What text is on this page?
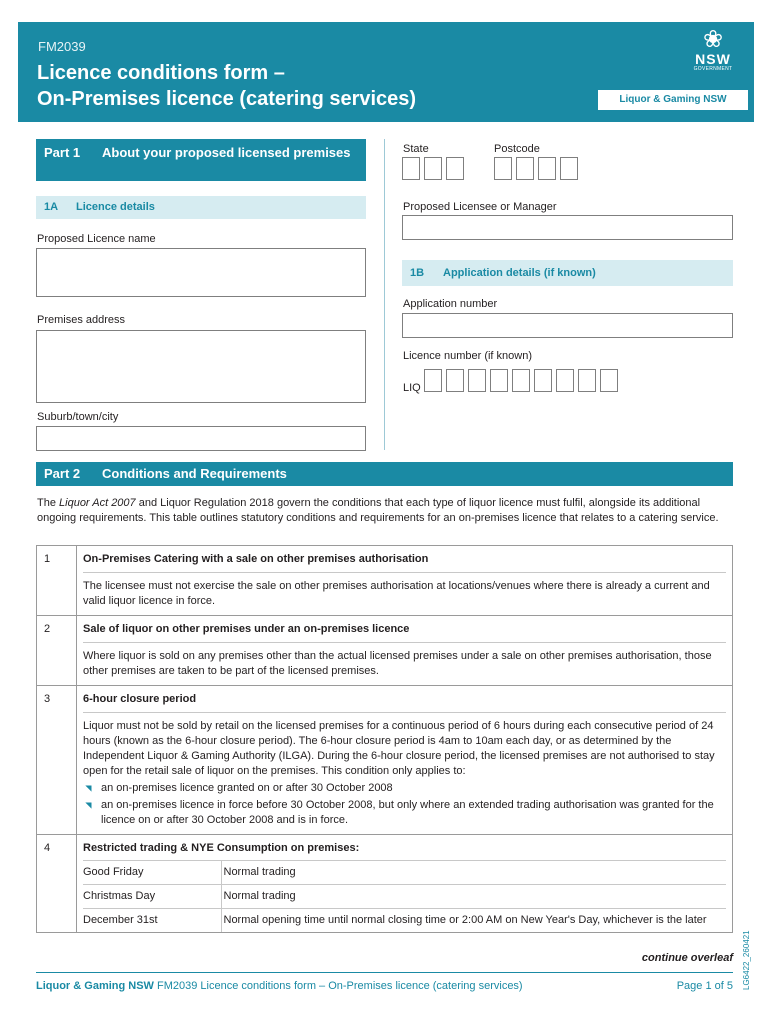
FM2039
Licence conditions form –
On-Premises licence (catering services)
❀
NSW
GOVERNMENT
Liquor & Gaming NSW
Part 1 About your proposed licensed premises
1A Licence details
Proposed Licence name
Premises address
Suburb/town/city
State	Postcode
Proposed Licensee or Manager
1B Application details (if known)
Application number
Licence number (if known)
LIQ
Part 2 Conditions and Requirements
The Liquor Act 2007 and Liquor Regulation 2018 govern the conditions that each type of liquor licence must fulfil, alongside its additional ongoing requirements. This table outlines statutory conditions and requirements for an on-premises licence that relates to a catering service.
1	On-Premises Catering with a sale on other premises authorisation
The licensee must not exercise the sale on other premises authorisation at locations/venues where there is already a current and valid liquor licence in force.

2	Sale of liquor on other premises under an on-premises licence
Where liquor is sold on any premises other than the actual licensed premises under a sale on other premises authorisation, those other premises are taken to be part of the licensed premises.

3	6-hour closure period
Liquor must not be sold by retail on the licensed premises for a continuous period of 6 hours during each consecutive period of 24 hours (known as the 6-hour closure period). The 6-hour closure period is 4am to 10am each day, or as determined by the Independent Liquor & Gaming Authority (ILGA). During the 6-hour closure period, the licensed premises are not authorised to stay open for the retail sale of liquor on the premises. This condition only applies to:
◢ an on-premises licence granted on or after 30 October 2008
◢ an on-premises licence in force before 30 October 2008, but only where an extended trading authorisation was granted for the licence on or after 30 October 2008 and is in force.

4	Restricted trading & NYE Consumption on premises:
Good Friday	Normal trading
Christmas Day	Normal trading
December 31st	Normal opening time until normal closing time or 2:00 AM on New Year's Day, whichever is the later
continue overleaf
Liquor & Gaming NSW FM2039 Licence conditions form – On-Premises licence (catering services)	Page 1 of 5 LG6422_260421
